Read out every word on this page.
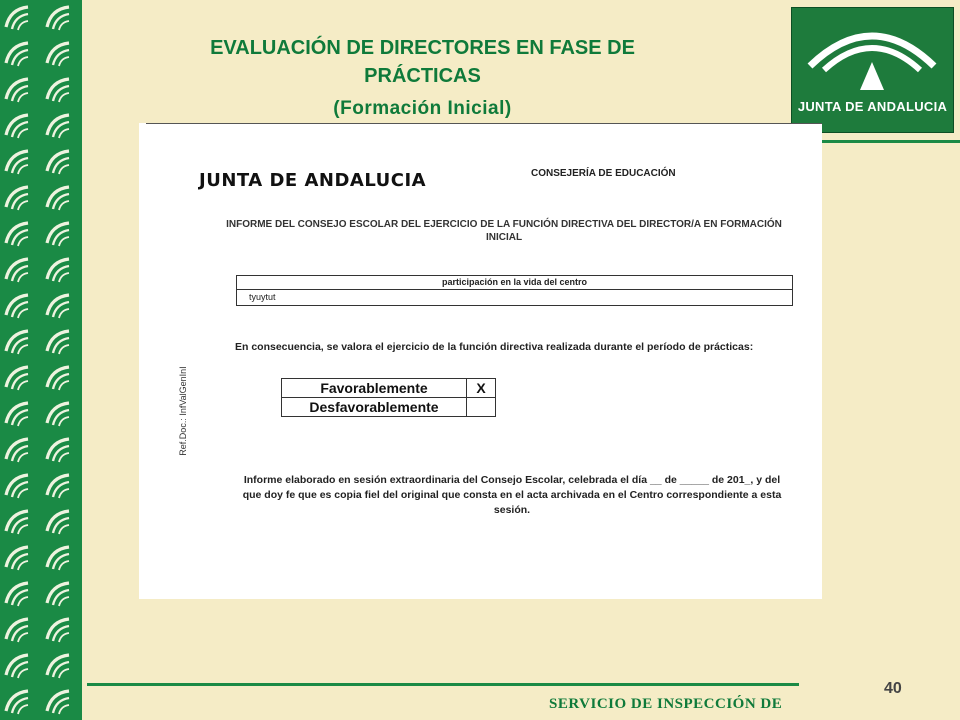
EVALUACIÓN DE DIRECTORES EN FASE DE PRÁCTICAS
(Formación Inicial)	JUNTA DE ANDALUCIA
JUNTA DE ANDALUCIA	CONSEJERÍA DE EDUCACIÓN
INFORME DEL CONSEJO ESCOLAR DEL EJERCICIO DE LA FUNCIÓN DIRECTIVA DEL DIRECTOR/A EN FORMACIÓN INICIAL
participación en la vida del centro
tyuytut
En consecuencia, se valora el ejercicio de la función directiva realizada durante el período de prácticas:
Favorablemente	X
Desfavorablemente
Ref.Doc.: InfValGenInI
Informe elaborado en sesión extraordinaria del Consejo Escolar, celebrada el día __ de _____ de 201_, y del que doy fe que es copia fiel del original que consta en el acta archivada en el Centro correspondiente a esta sesión.
40
SERVICIO DE INSPECCIÓN DE
